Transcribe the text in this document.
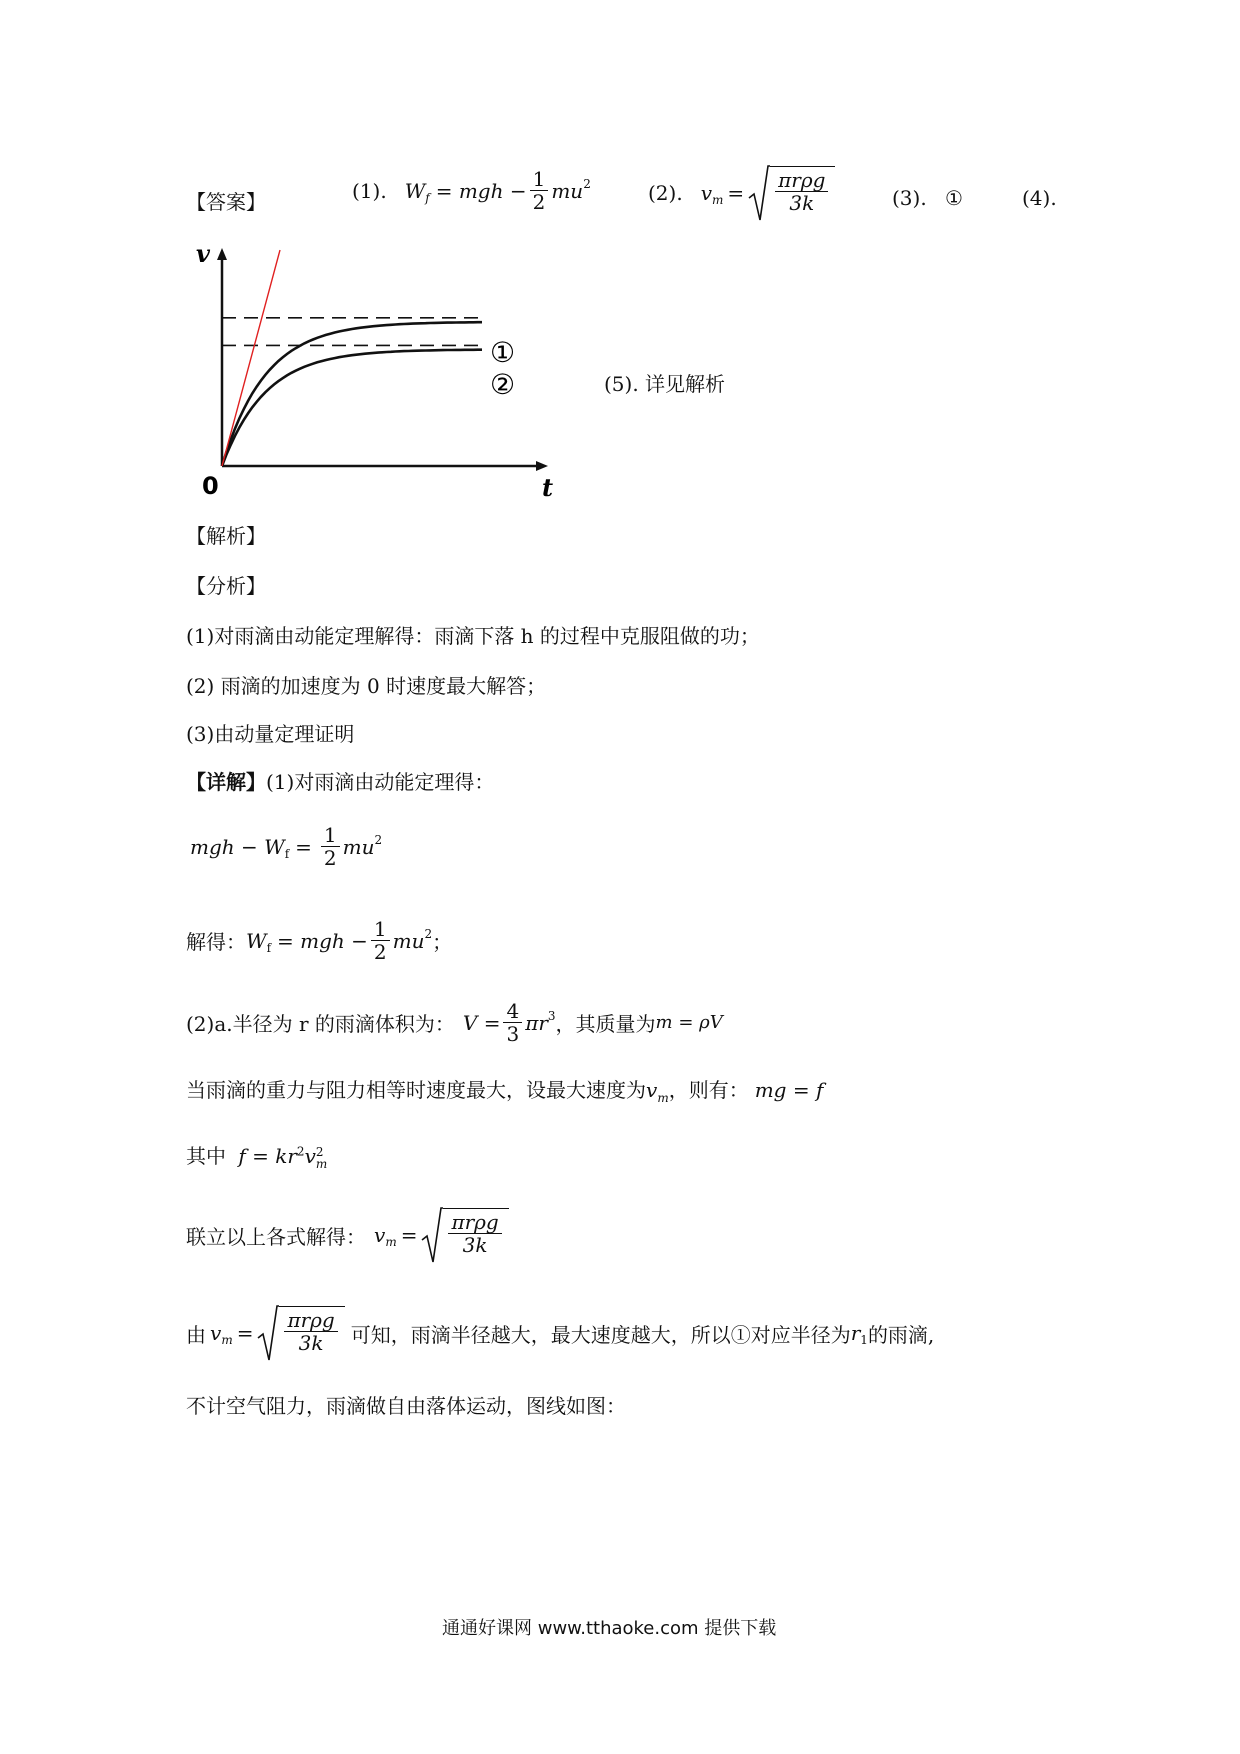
【答案】	(1). $W_f$ = mgh − $\frac{1}{2} mu^2$	(2). $v_m = \frac{\text{πrρg}}{3k}$	(3). ①	(4).
v
t
0
①
②	(5). 详见解析
【解析】
【分析】
(1)对雨滴由动能定理解得：雨滴下落 h 的过程中克服阻做的功；
(2) 雨滴的加速度为 0 时速度最大解答；
(3)由动量定理证明
【详解】(1)对雨滴由动能定理得：
mgh − $W_f = \frac{1}{2} mu^2$
解得： $W_f$ = mgh − $\frac{1}{2} mu^2$ ；
(2)a.半径为 r 的雨滴体积为： $V = \frac{4}{3} \pi r^3$ ，其质量为 m = ρV
当雨滴的重力与阻力相等时速度最大，设最大速度为$v_m$，则有： mg = f
其中 $f = kr^2v$ 2
m
联立以上各式解得： $v_m = \frac{\text{πrρg}}{3k}$
由 $v_m = \frac{\text{πrρg}}{3k}$ 可知，雨滴半径越大，最大速度越大，所以①对应半径为 $r_1$ 的雨滴,
不计空气阻力，雨滴做自由落体运动，图线如图：
通通好课网 www.tthaoke.com 提供下载
